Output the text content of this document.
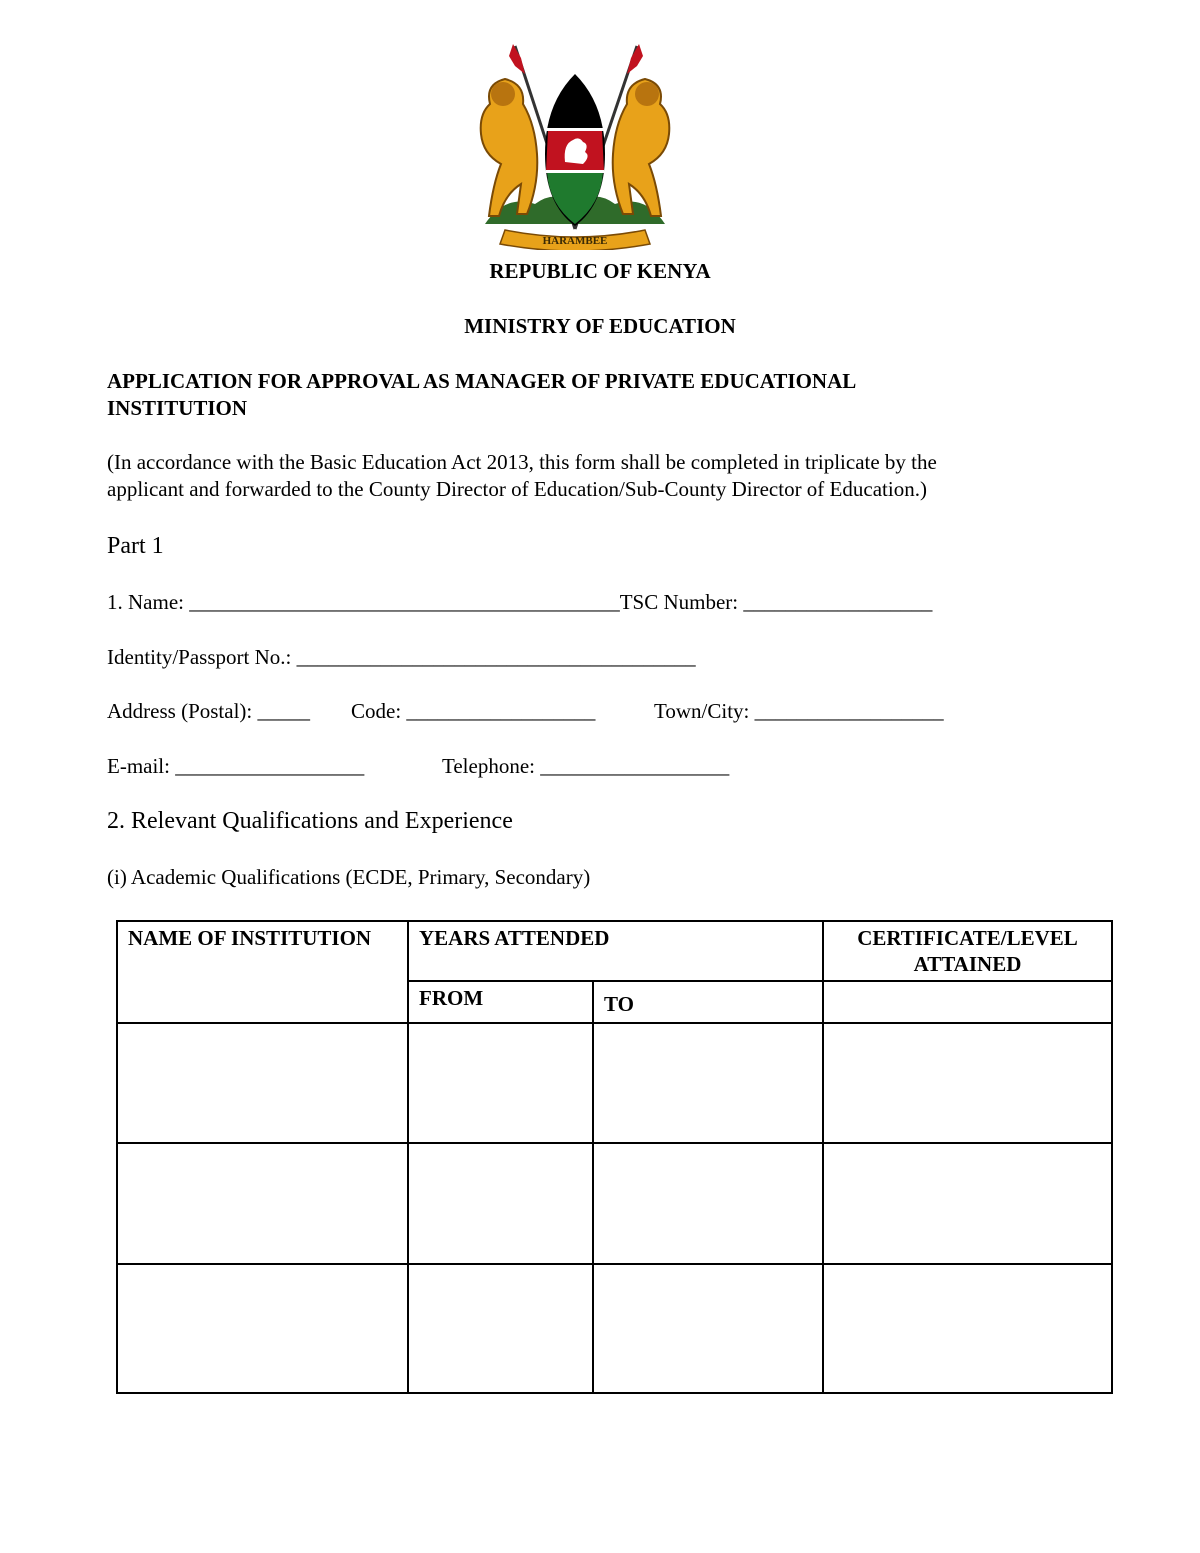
HARAMBEE

REPUBLIC OF KENYA

MINISTRY OF EDUCATION

APPLICATION FOR APPROVAL AS MANAGER OF PRIVATE EDUCATIONAL

INSTITUTION

(In accordance with the Basic Education Act 2013, this form shall be completed in triplicate by the

applicant and forwarded to the County Director of Education/Sub-County Director of Education.)

Part 1

1. Name: _________________________________________TSC Number: __________________

Identity/Passport No.: ______________________________________

Address (Postal): _____ Code: __________________	Town/City: __________________

E-mail: __________________	Telephone: __________________

2. Relevant Qualifications and Experience

(i) Academic Qualifications (ECDE, Primary, Secondary)

NAME OF INSTITUTION	YEARS ATTENDED		CERTIFICATE/LEVEL ATTAINED
	FROM	TO	
